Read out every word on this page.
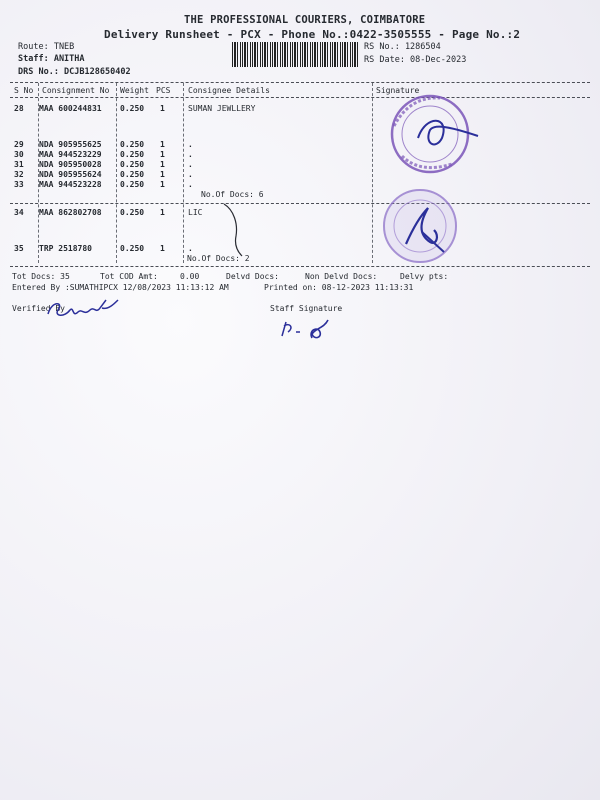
THE PROFESSIONAL COURIERS, COIMBATORE
Delivery Runsheet - PCX - Phone No.:0422-3505555 - Page No.:2
Route: TNEB
Staff: ANITHA
DRS No.: DCJB128650402
RS No.: 1286504
RS Date: 08-Dec-2023
S No Consignment No Weight PCS Consignee Details	Signature
28 MAA 600244831 0.250 1	SUMAN JEWLLERY
29 NDA 905955625 0.250 1	.
30 MAA 944523229 0.250 1	.
31 NDA 905950028 0.250 1	.
32 NDA 905955624 0.250 1	.
33 MAA 944523228 0.250 1	.
No.Of Docs: 6
34 MAA 862802708 0.250 1	LIC
35 TRP 2518780	0.250 1	.
No.Of Docs: 2
Tot Docs: 35	Tot COD Amt:	0.00	Delvd Docs:	Non Delvd Docs:	Delvy pts:
Entered By :SUMATHIPCX 12/08/2023 11:13:12 AM	Printed on: 08-12-2023 11:13:31
Verified By	Staff Signature
